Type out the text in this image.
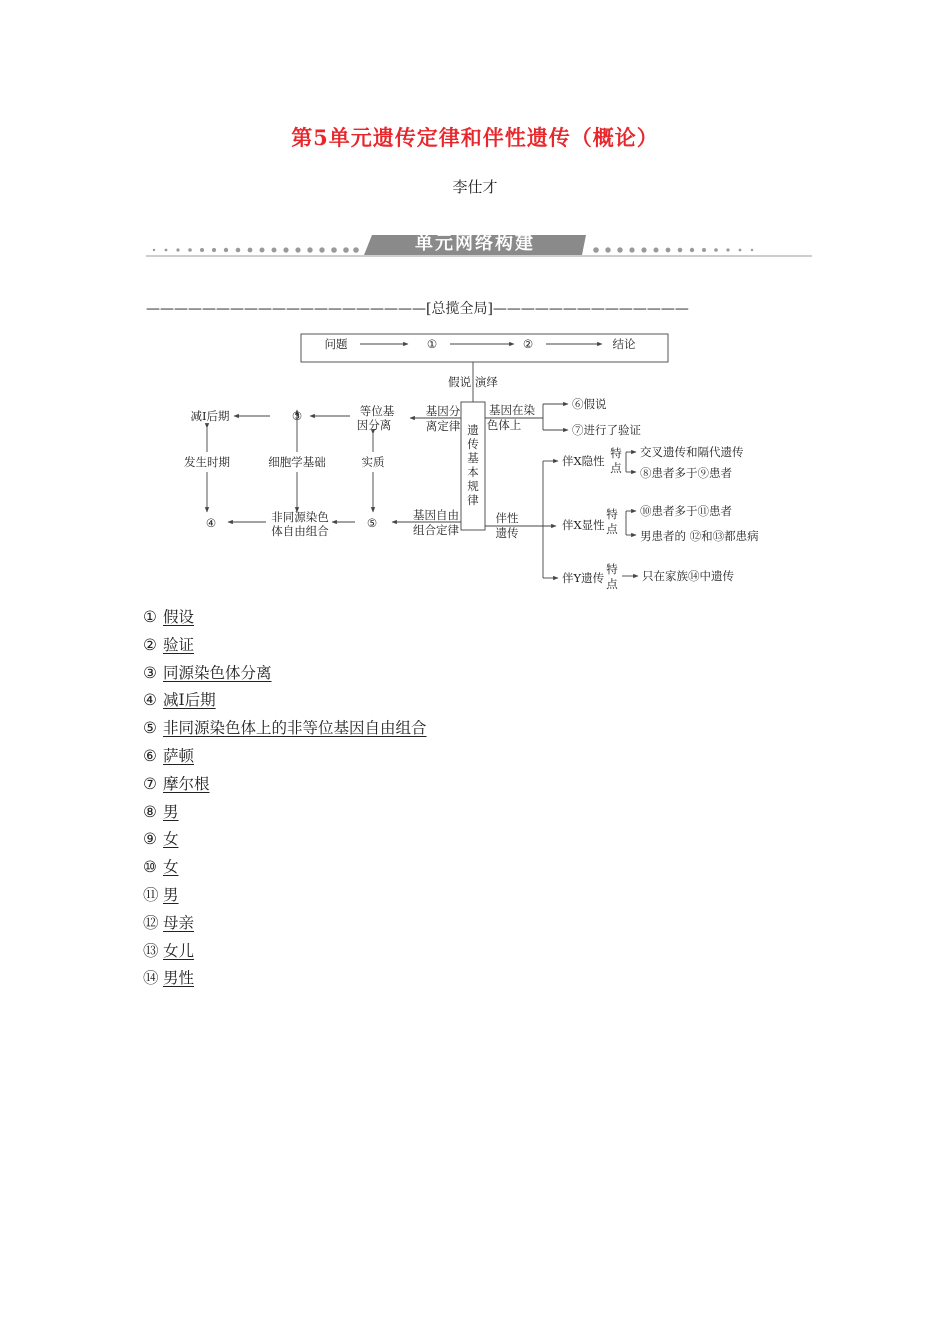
第5单元遗传定律和伴性遗传（概论）
李仕才
单元网络构建
————————————————————[总揽全局]——————————————
问题	①	②	结论
假说 演绎
遗
传
基
本
规
律
基因分
离定律
等位基
因分离
③
减Ⅰ后期
发生时期	细胞学基础	实质
④	非同源染色
体自由组合
⑤
基因自由
组合定律
基因在染
色体上
⑥假说
⑦进行了验证
伴性
遗传
伴X隐性
伴X显性
伴Y遗传
特
点
特
点
特
点
交叉遗传和隔代遗传
⑧患者多于⑨患者
⑩患者多于⑪患者
男患者的 ⑫和⑬都患病
只在家族⑭中遗传
① 假设
② 验证
③ 同源染色体分离
④ 减Ⅰ后期
⑤ 非同源染色体上的非等位基因自由组合
⑥ 萨顿
⑦ 摩尔根
⑧ 男
⑨ 女
⑩ 女
⑪ 男
⑫ 母亲
⑬ 女儿
⑭ 男性
